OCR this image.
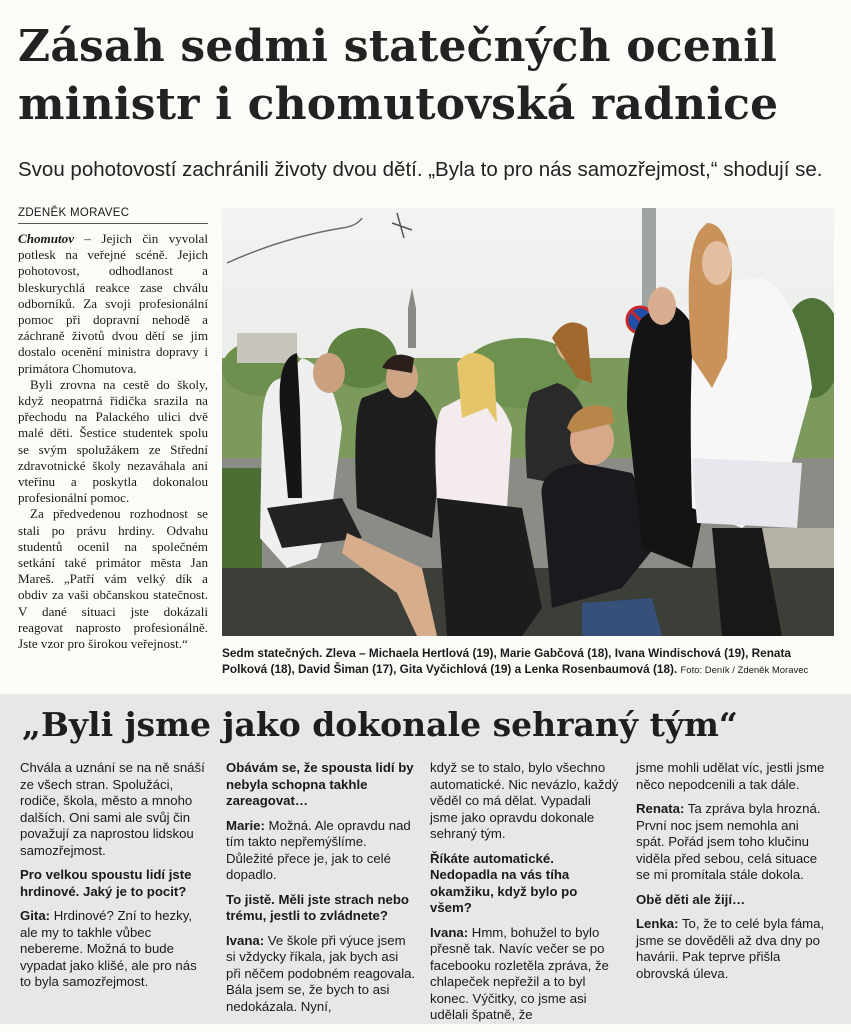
Zásah sedmi statečných ocenil ministr i chomutovská radnice
Svou pohotovostí zachránili životy dvou dětí. „Byla to pro nás samozřejmost,“ shodují se.
ZDENĚK MORAVEC

Chomutov – Jejich čin vyvolal potlesk na veřejné scéně. Jejich pohotovost, odhodlanost a bleskurychlá reakce zase chválu odborníků. Za svoji profesionální pomoc při dopravní nehodě a záchraně životů dvou dětí se jim dostalo ocenění ministra dopravy i primátora Chomutova.

Byli zrovna na cestě do školy, když neopatrná řidička srazila na přechodu na Palackého ulici dvě malé děti. Šestice studentek spolu se svým spolužákem ze Střední zdravotnické školy nezaváhala ani vteřinu a poskytla dokonalou profesionální pomoc.

Za předvedenou rozhodnost se stali po právu hrdiny. Odvahu studentů ocenil na společném setkání také primátor města Jan Mareš. „Patří vám velký dík a obdiv za vaši občanskou statečnost. V dané situaci jste dokázali reagovat naprosto profesionálně. Jste vzor pro širokou veřejnost.“

Sedm statečných. Zleva – Michaela Hertlová (19), Marie Gabčová (18), Ivana Windischová (19), Renata Polková (18), David Šiman (17), Gita Vyčichlová (19) a Lenka Rosenbaumová (18). Foto: Deník / Zdeněk Moravec
„Byli jsme jako dokonale sehraný tým“

Chvála a uznání se na ně snáší ze všech stran. Spolužáci, rodiče, škola, město a mnoho dalších. Oni sami ale svůj čin považují za naprostou lidskou samozřejmost.

Pro velkou spoustu lidí jste hrdinové. Jaký je to pocit?

Gita: Hrdinové? Zní to hezky, ale my to takhle vůbec nebereme. Možná to bude vypadat jako klišé, ale pro nás to byla samozřejmost.

Obávám se, že spousta lidí by nebyla schopna takhle zareagovat…

Marie: Možná. Ale opravdu nad tím takto nepřemýšlíme. Důležité přece je, jak to celé dopadlo.

To jistě. Měli jste strach nebo trému, jestli to zvládnete?

Ivana: Ve škole při výuce jsem si vždycky říkala, jak bych asi při něčem podobném reagovala. Bála jsem se, že bych to asi nedokázala. Nyní,

když se to stalo, bylo všechno automatické. Nic nevázlo, každý věděl co má dělat. Vypadali jsme jako opravdu dokonale sehraný tým.

Říkáte automatické. Nedopadla na vás tíha okamžiku, když bylo po všem?

Ivana: Hmm, bohužel to bylo přesně tak. Navíc večer se po facebooku rozletěla zpráva, že chlapeček nepřežil a to byl konec. Výčitky, co jsme asi udělali špatně, že

jsme mohli udělat víc, jestli jsme něco nepodcenili a tak dále.

Renata: Ta zpráva byla hrozná. První noc jsem nemohla ani spát. Pořád jsem toho klučinu viděla před sebou, celá situace se mi promítala stále dokola.

Obě děti ale žijí…

Lenka: To, že to celé byla fáma, jsme se dověděli až dva dny po havárii. Pak teprve přišla obrovská úleva.
